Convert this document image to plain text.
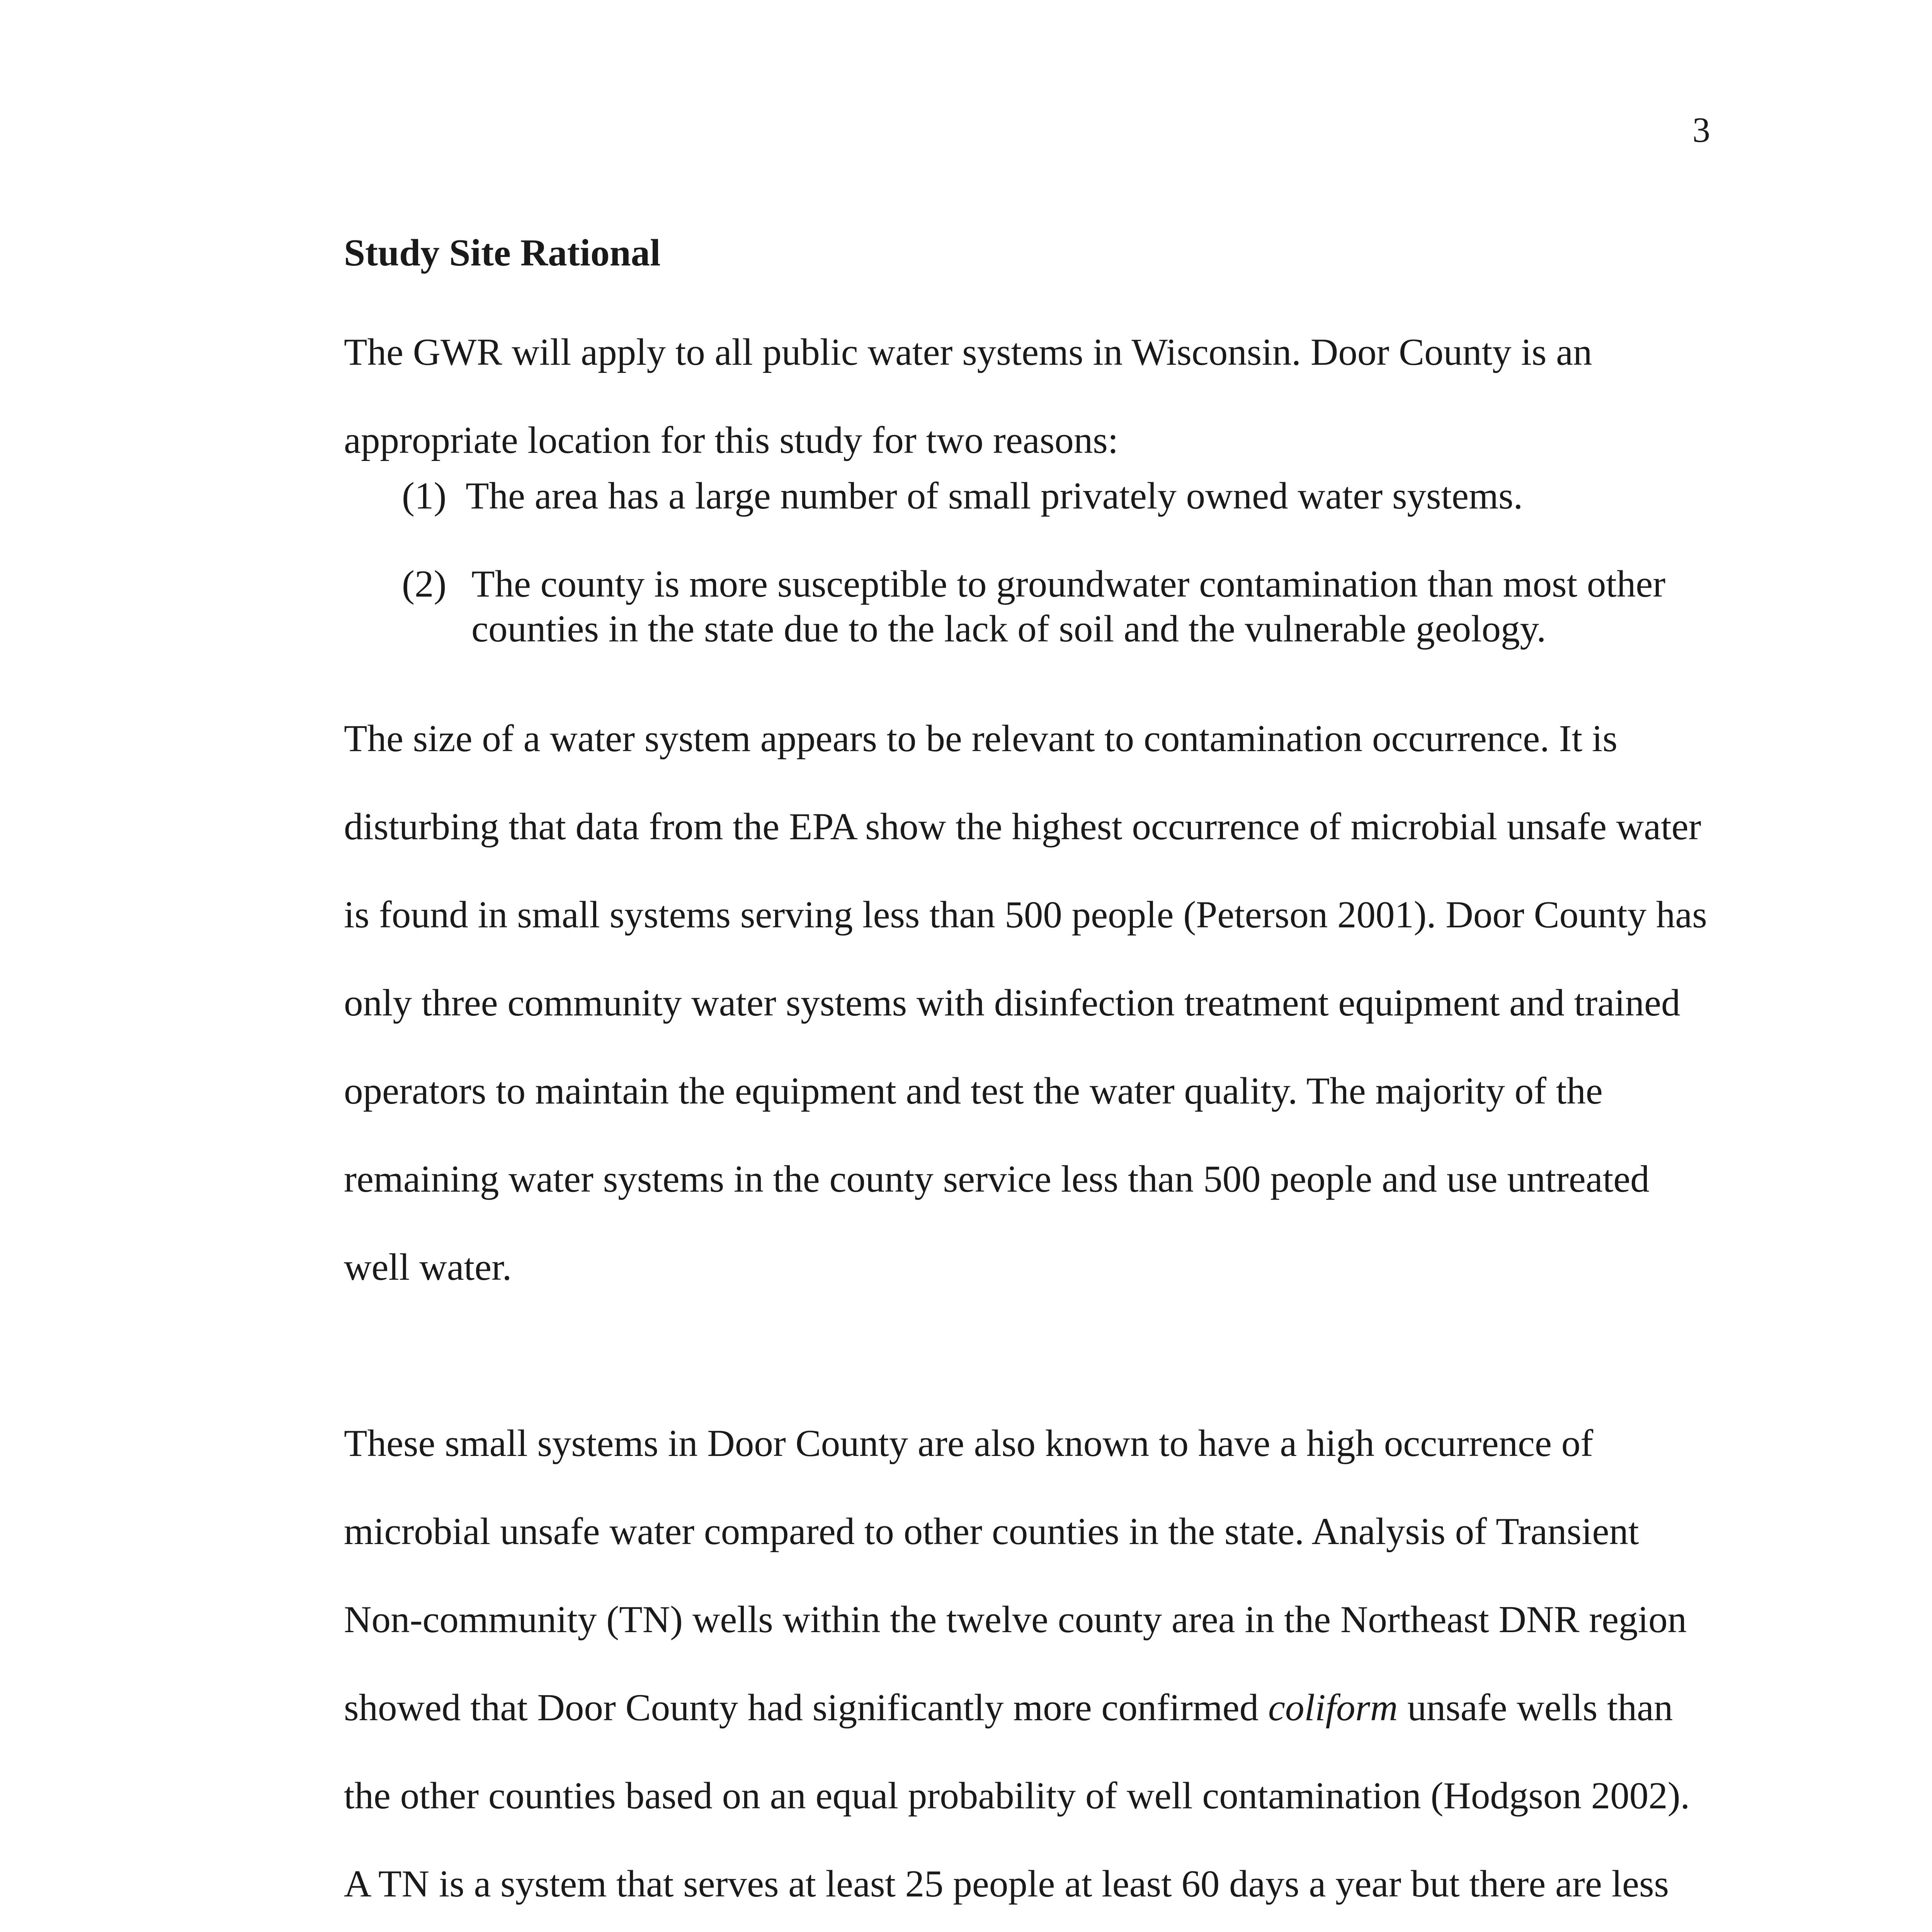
3
Study Site Rational
The GWR will apply to all public water systems in Wisconsin. Door County is an
appropriate location for this study for two reasons:
(1) The area has a large number of small privately owned water systems.
(2) The county is more susceptible to groundwater contamination than most other
counties in the state due to the lack of soil and the vulnerable geology.
The size of a water system appears to be relevant to contamination occurrence. It is
disturbing that data from the EPA show the highest occurrence of microbial unsafe water
is found in small systems serving less than 500 people (Peterson 2001). Door County has
only three community water systems with disinfection treatment equipment and trained
operators to maintain the equipment and test the water quality. The majority of the
remaining water systems in the county service less than 500 people and use untreated
well water.
These small systems in Door County are also known to have a high occurrence of
microbial unsafe water compared to other counties in the state. Analysis of Transient
Non-community (TN) wells within the twelve county area in the Northeast DNR region
showed that Door County had significantly more confirmed coliform unsafe wells than
the other counties based on an equal probability of well contamination (Hodgson 2002).
A TN is a system that serves at least 25 people at least 60 days a year but there are less
